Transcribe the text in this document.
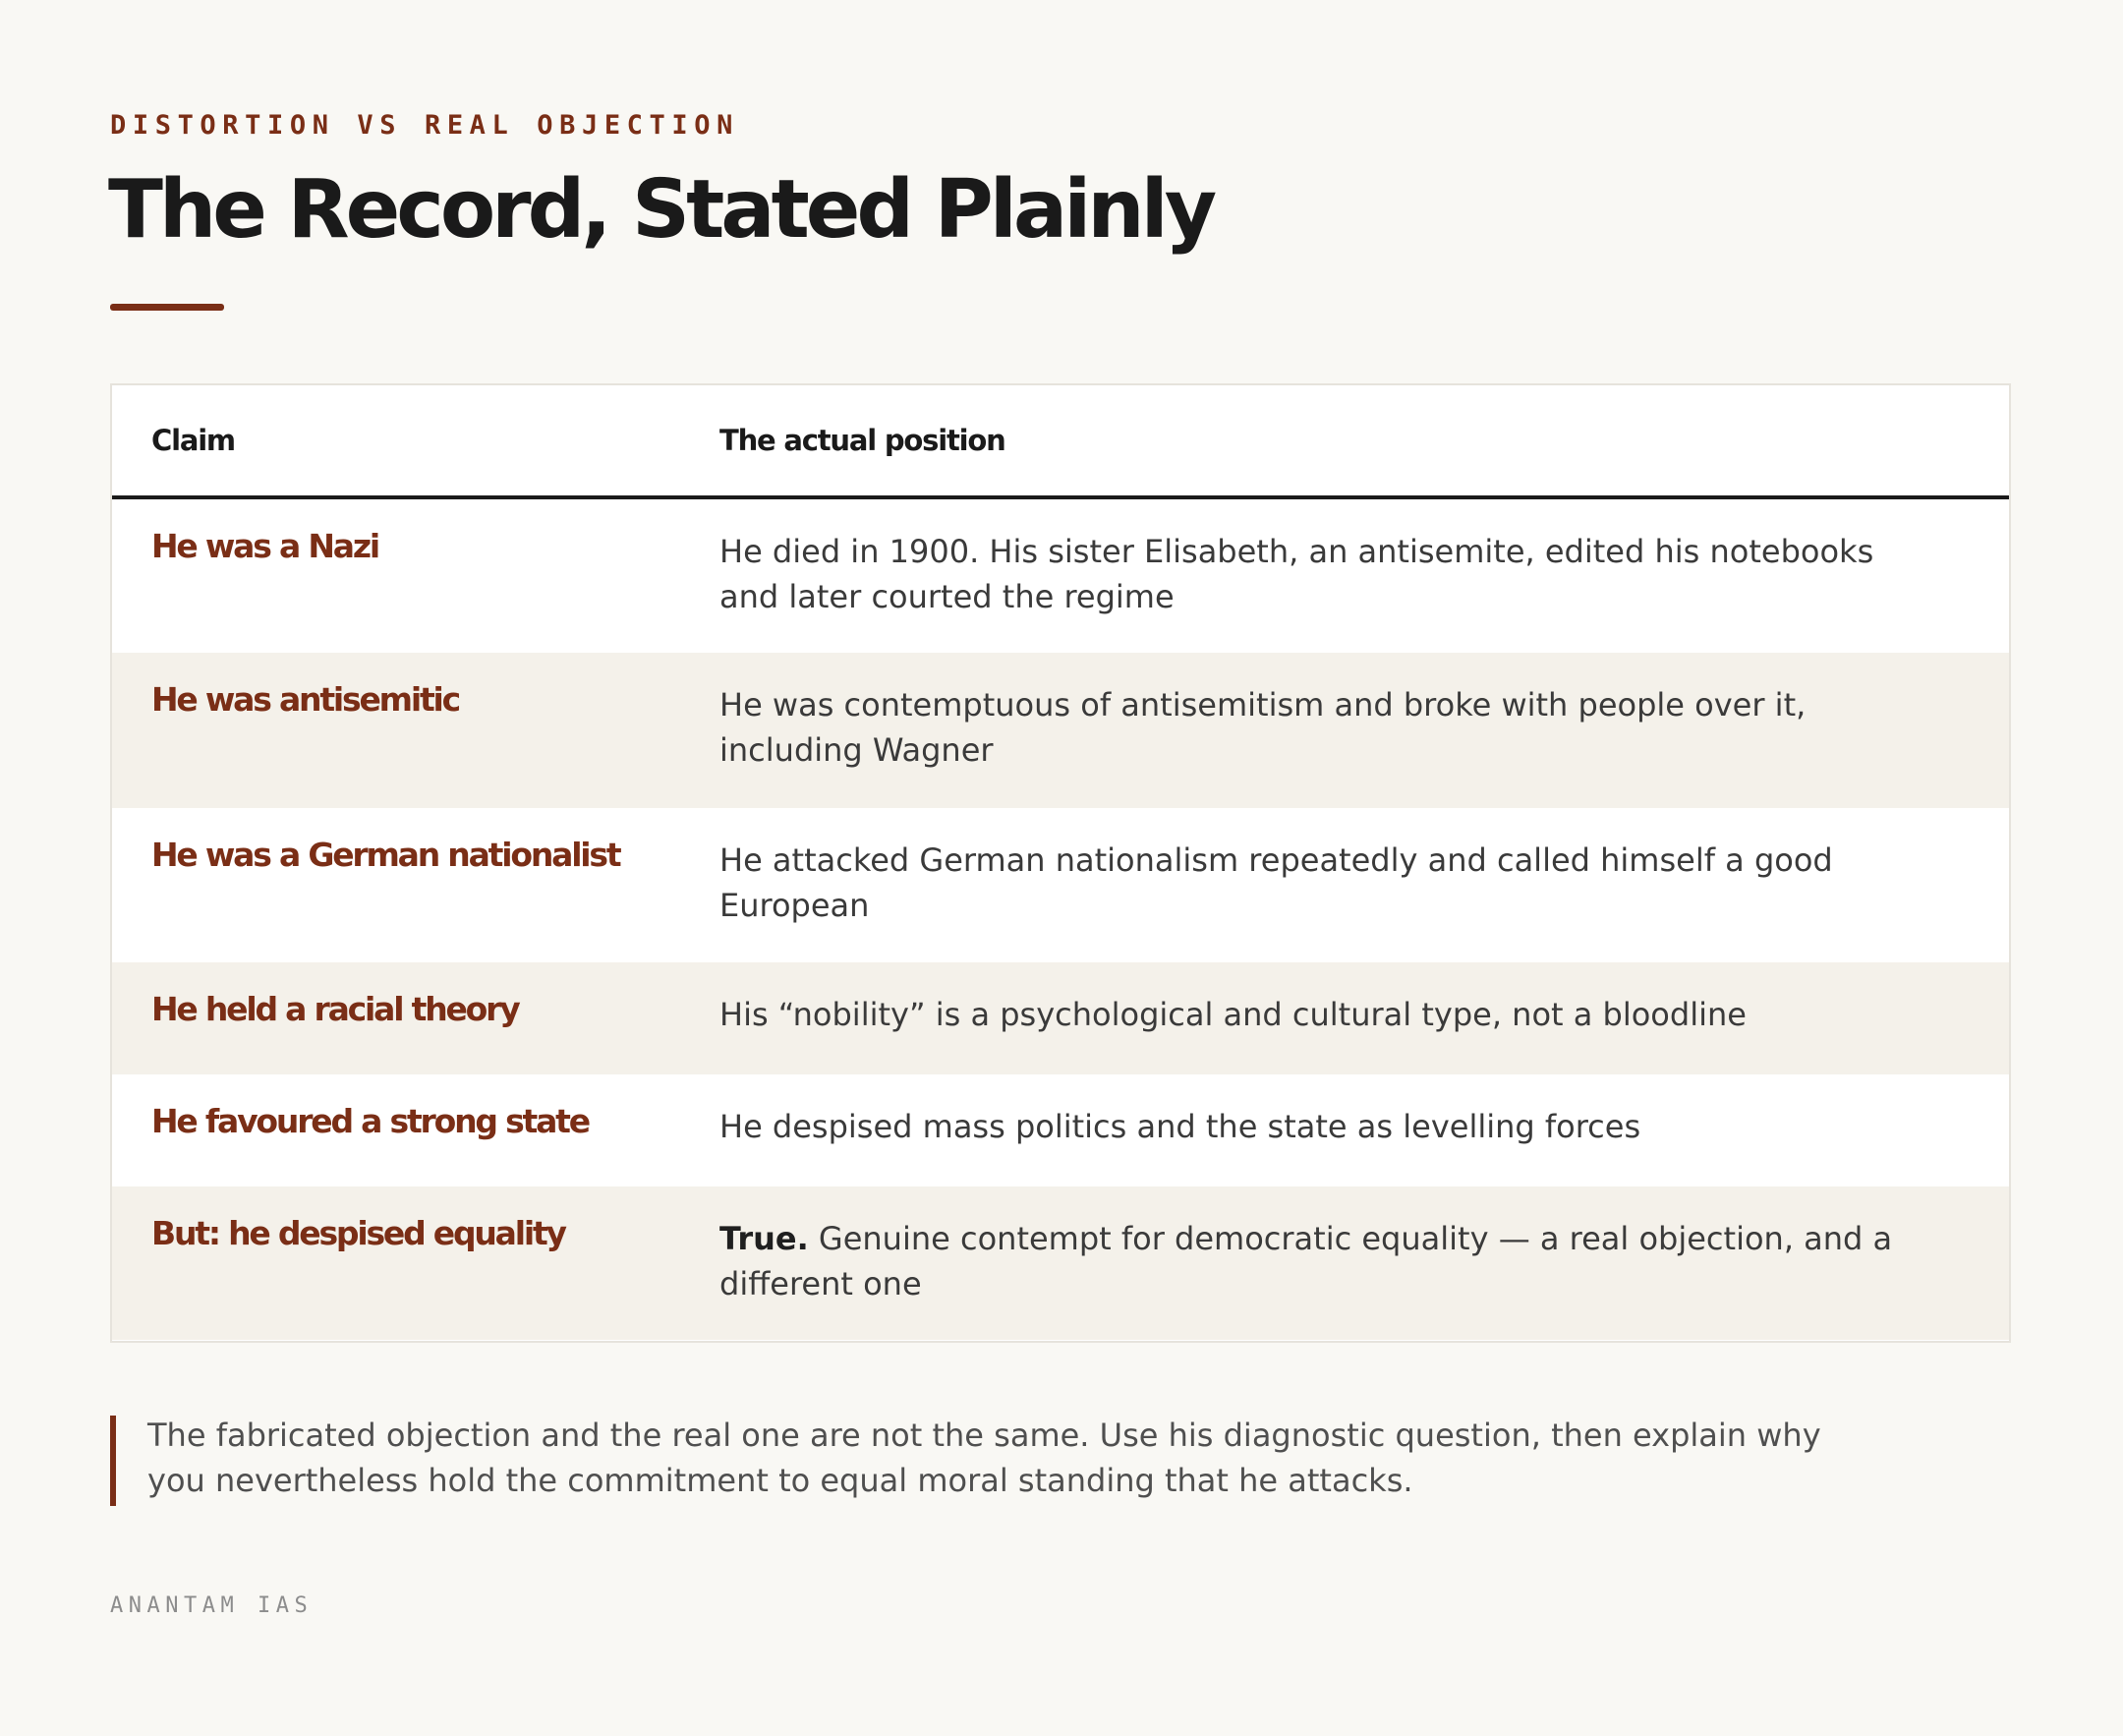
DISTORTION VS REAL OBJECTION
The Record, Stated Plainly
Claim	The actual position
He was a Nazi	He died in 1900. His sister Elisabeth, an antisemite, edited his notebooks and later courted the regime
He was antisemitic	He was contemptuous of antisemitism and broke with people over it, including Wagner
He was a German nationalist	He attacked German nationalism repeatedly and called himself a good European
He held a racial theory	His “nobility” is a psychological and cultural type, not a bloodline
He favoured a strong state	He despised mass politics and the state as levelling forces
But: he despised equality	True. Genuine contempt for democratic equality — a real objection, and a different one

The fabricated objection and the real one are not the same. Use his diagnostic question, then explain why you nevertheless hold the commitment to equal moral standing that he attacks.

ANANTAM IAS
